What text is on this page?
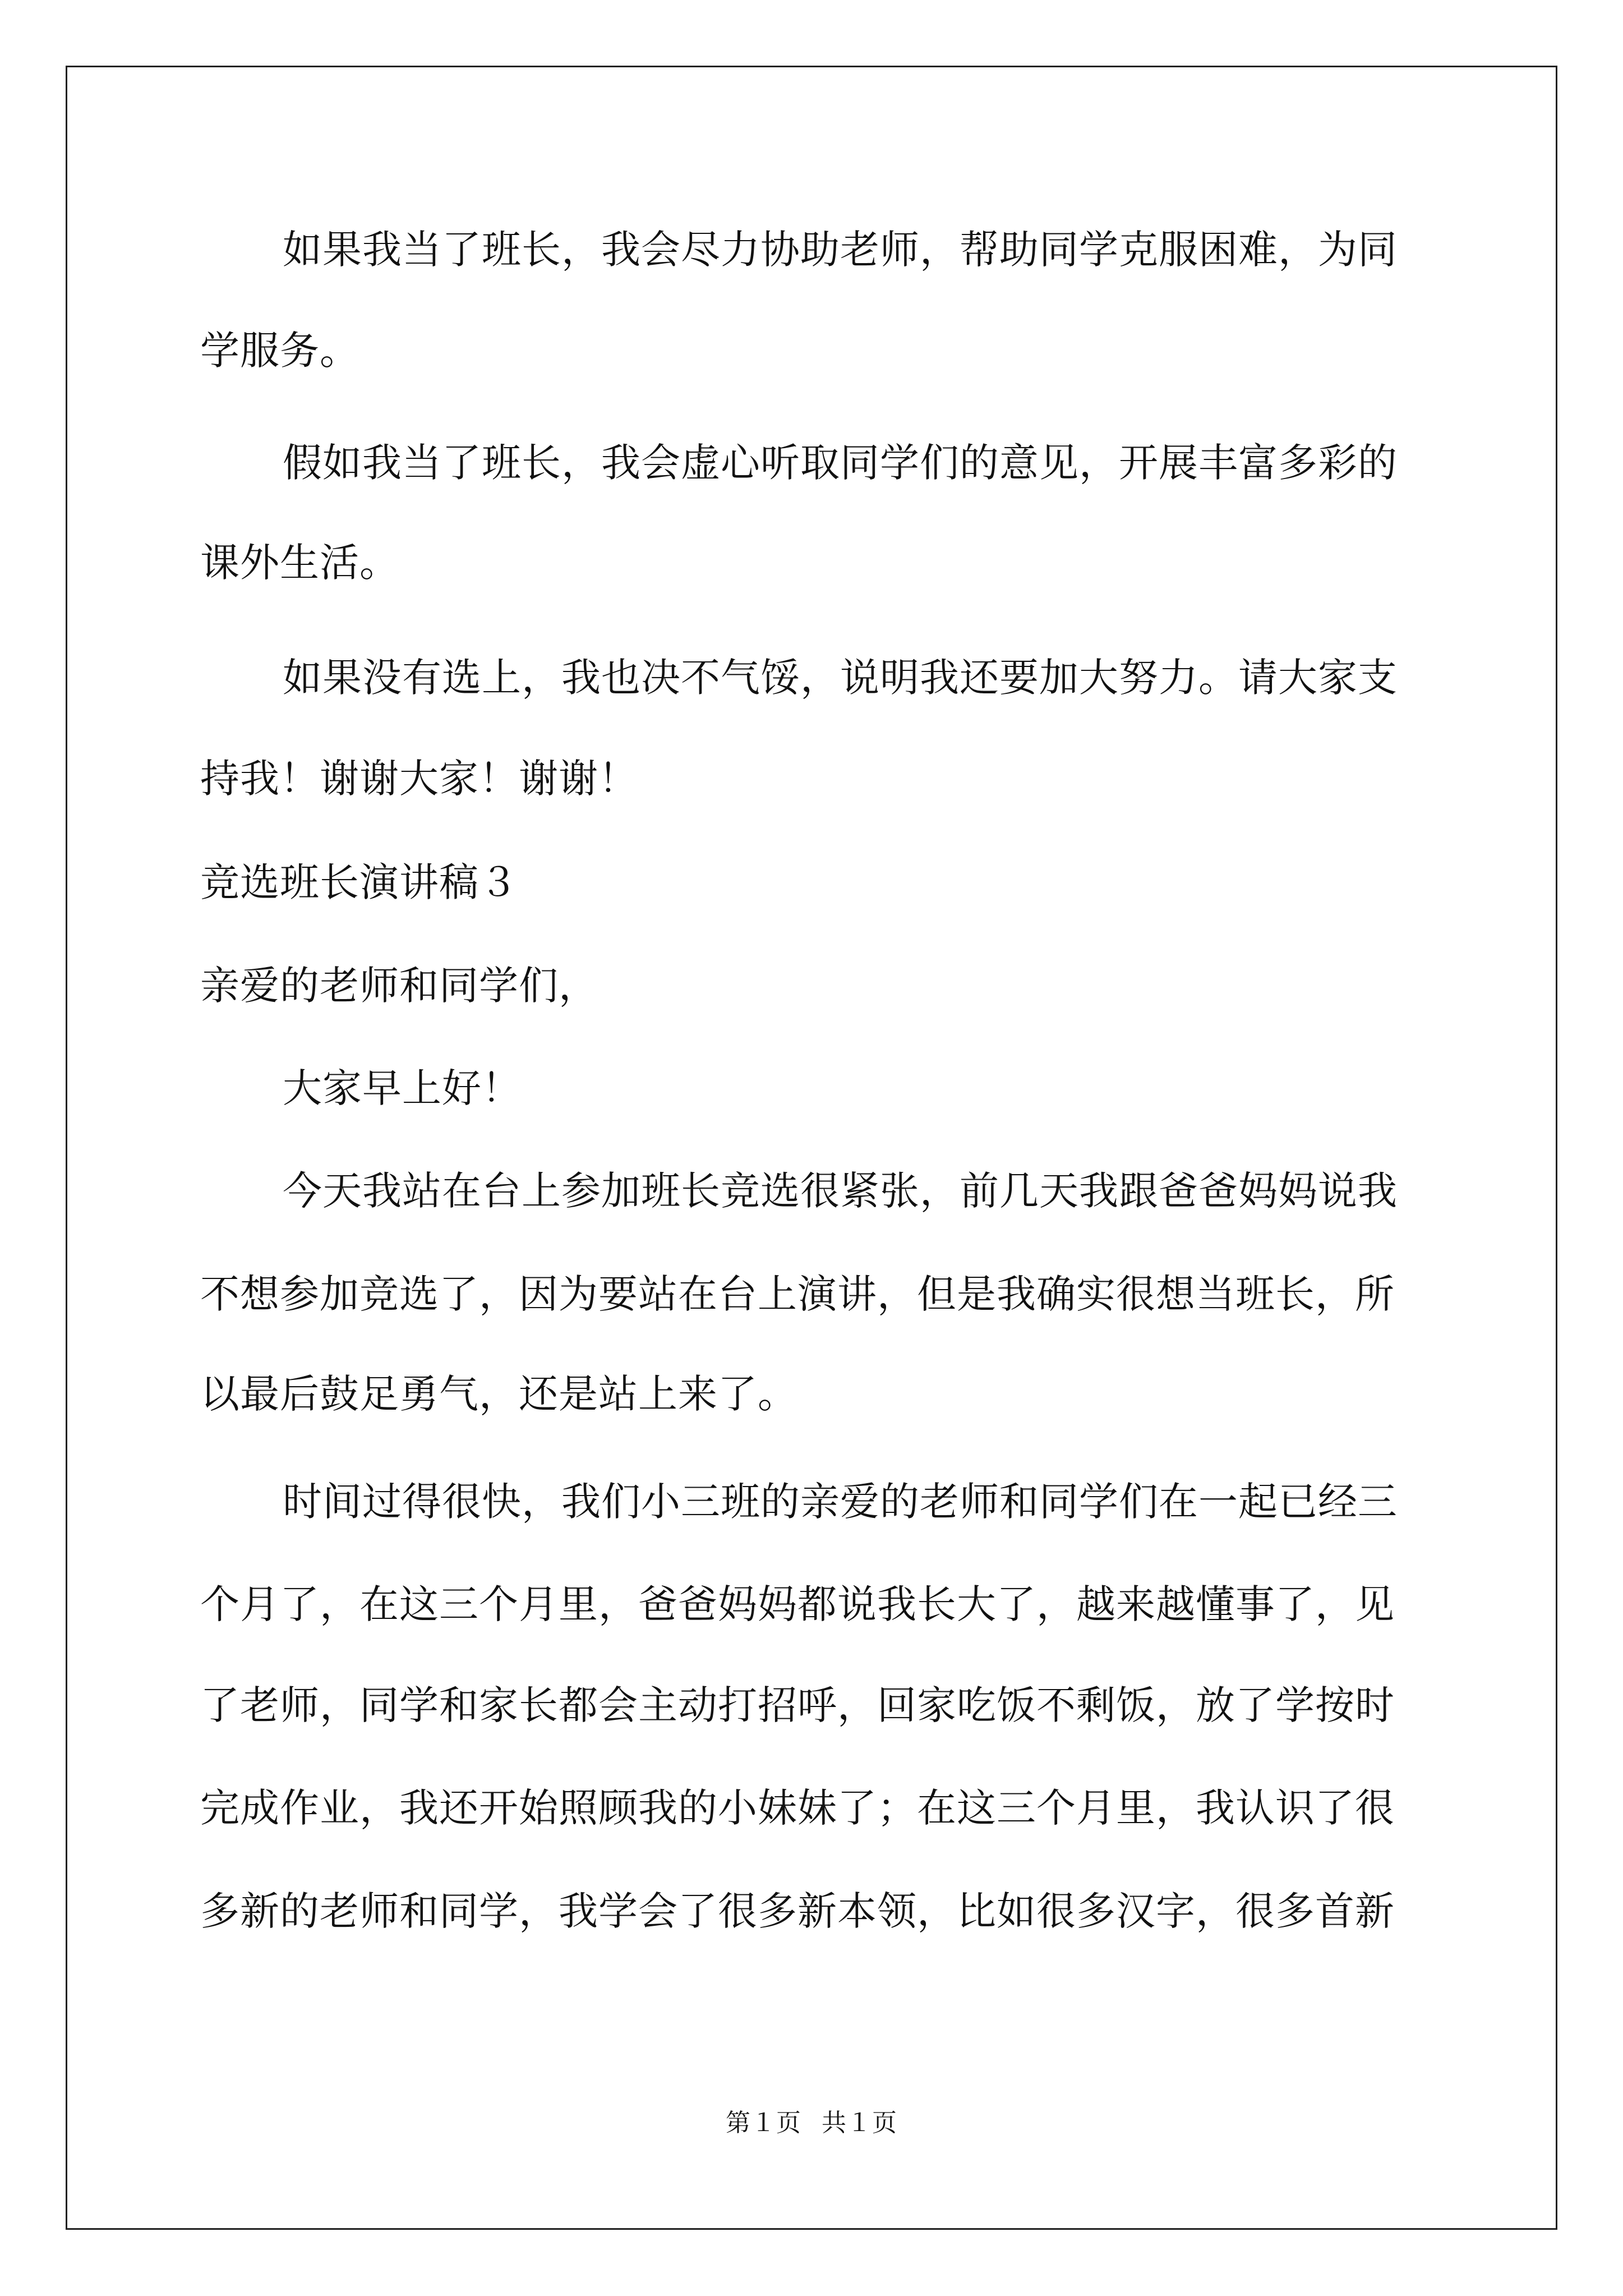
如果我当了班长，我会尽力协助老师，帮助同学克服困难，为同
学服务。
假如我当了班长，我会虚心听取同学们的意见，开展丰富多彩的
课外生活。
如果没有选上，我也决不气馁，说明我还要加大努力。请大家支
持我！谢谢大家！谢谢！
竞选班长演讲稿３
亲爱的老师和同学们，
大家早上好！
今天我站在台上参加班长竞选很紧张，前几天我跟爸爸妈妈说我
不想参加竞选了，因为要站在台上演讲，但是我确实很想当班长，所
以最后鼓足勇气，还是站上来了。
时间过得很快，我们小三班的亲爱的老师和同学们在一起已经三
个月了，在这三个月里，爸爸妈妈都说我长大了，越来越懂事了，见
了老师，同学和家长都会主动打招呼，回家吃饭不剩饭，放了学按时
完成作业，我还开始照顾我的小妹妹了；在这三个月里，我认识了很
多新的老师和同学，我学会了很多新本领，比如很多汉字，很多首新
第１页 共１页
